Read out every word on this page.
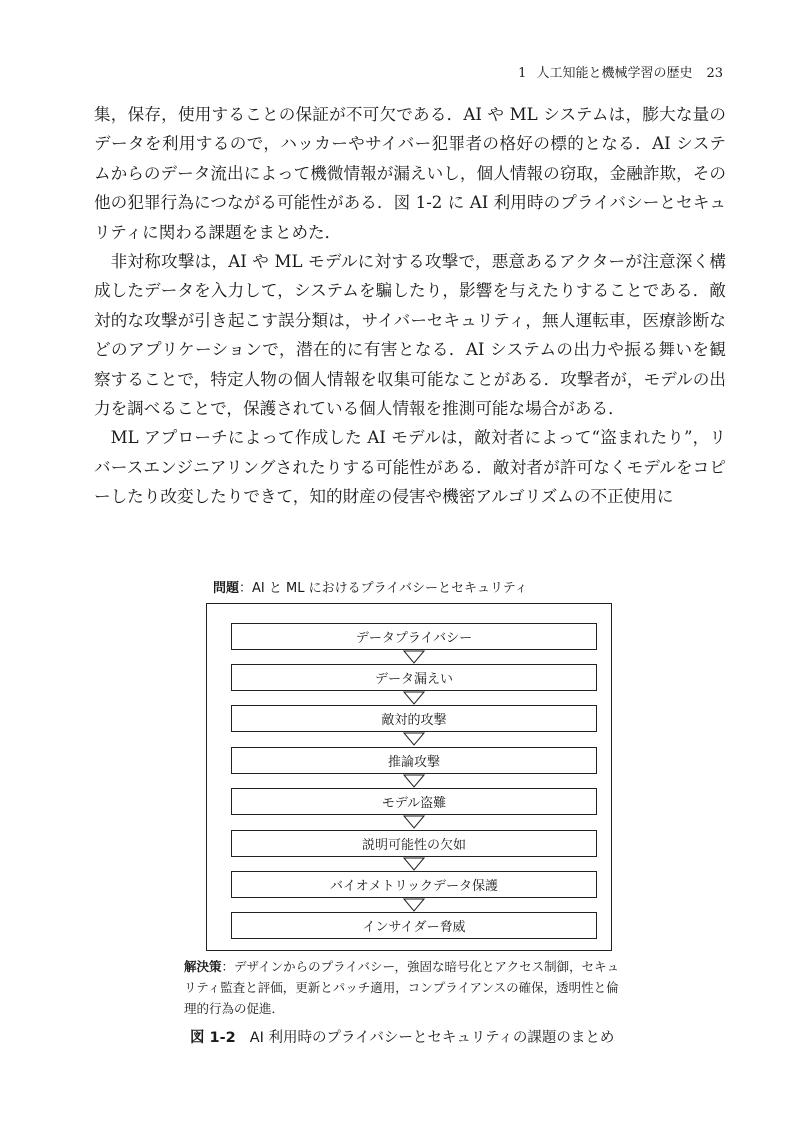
1 人工知能と機械学習の歴史 23

集，保存，使用することの保証が不可欠である．AI や ML システムは，膨大な量のデータを利用するので，ハッカーやサイバー犯罪者の格好の標的となる．AI システムからのデータ流出によって機微情報が漏えいし，個人情報の窃取，金融詐欺，その他の犯罪行為につながる可能性がある．図 1-2 に AI 利用時のプライバシーとセキュリティに関わる課題をまとめた．

非対称攻撃は，AI や ML モデルに対する攻撃で，悪意あるアクターが注意深く構成したデータを入力して，システムを騙したり，影響を与えたりすることである．敵対的な攻撃が引き起こす誤分類は，サイバーセキュリティ，無人運転車，医療診断などのアプリケーションで，潜在的に有害となる．AI システムの出力や振る舞いを観察することで，特定人物の個人情報を収集可能なことがある．攻撃者が，モデルの出力を調べることで，保護されている個人情報を推測可能な場合がある．

ML アプローチによって作成した AI モデルは，敵対者によって“盗まれたり”，リバースエンジニアリングされたりする可能性がある．敵対者が許可なくモデルをコピーしたり改変したりできて，知的財産の侵害や機密アルゴリズムの不正使用に

問題：AI と ML におけるプライバシーとセキュリティ
データプライバシー
データ漏えい
敵対的攻撃
推論攻撃
モデル盗難
説明可能性の欠如
バイオメトリックデータ保護
インサイダー脅威
解決策：デザインからのプライバシー，強固な暗号化とアクセス制御，セキュリティ監査と評価，更新とパッチ適用，コンプライアンスの確保，透明性と倫理的行為の促進．
図 1-2 AI 利用時のプライバシーとセキュリティの課題のまとめ
